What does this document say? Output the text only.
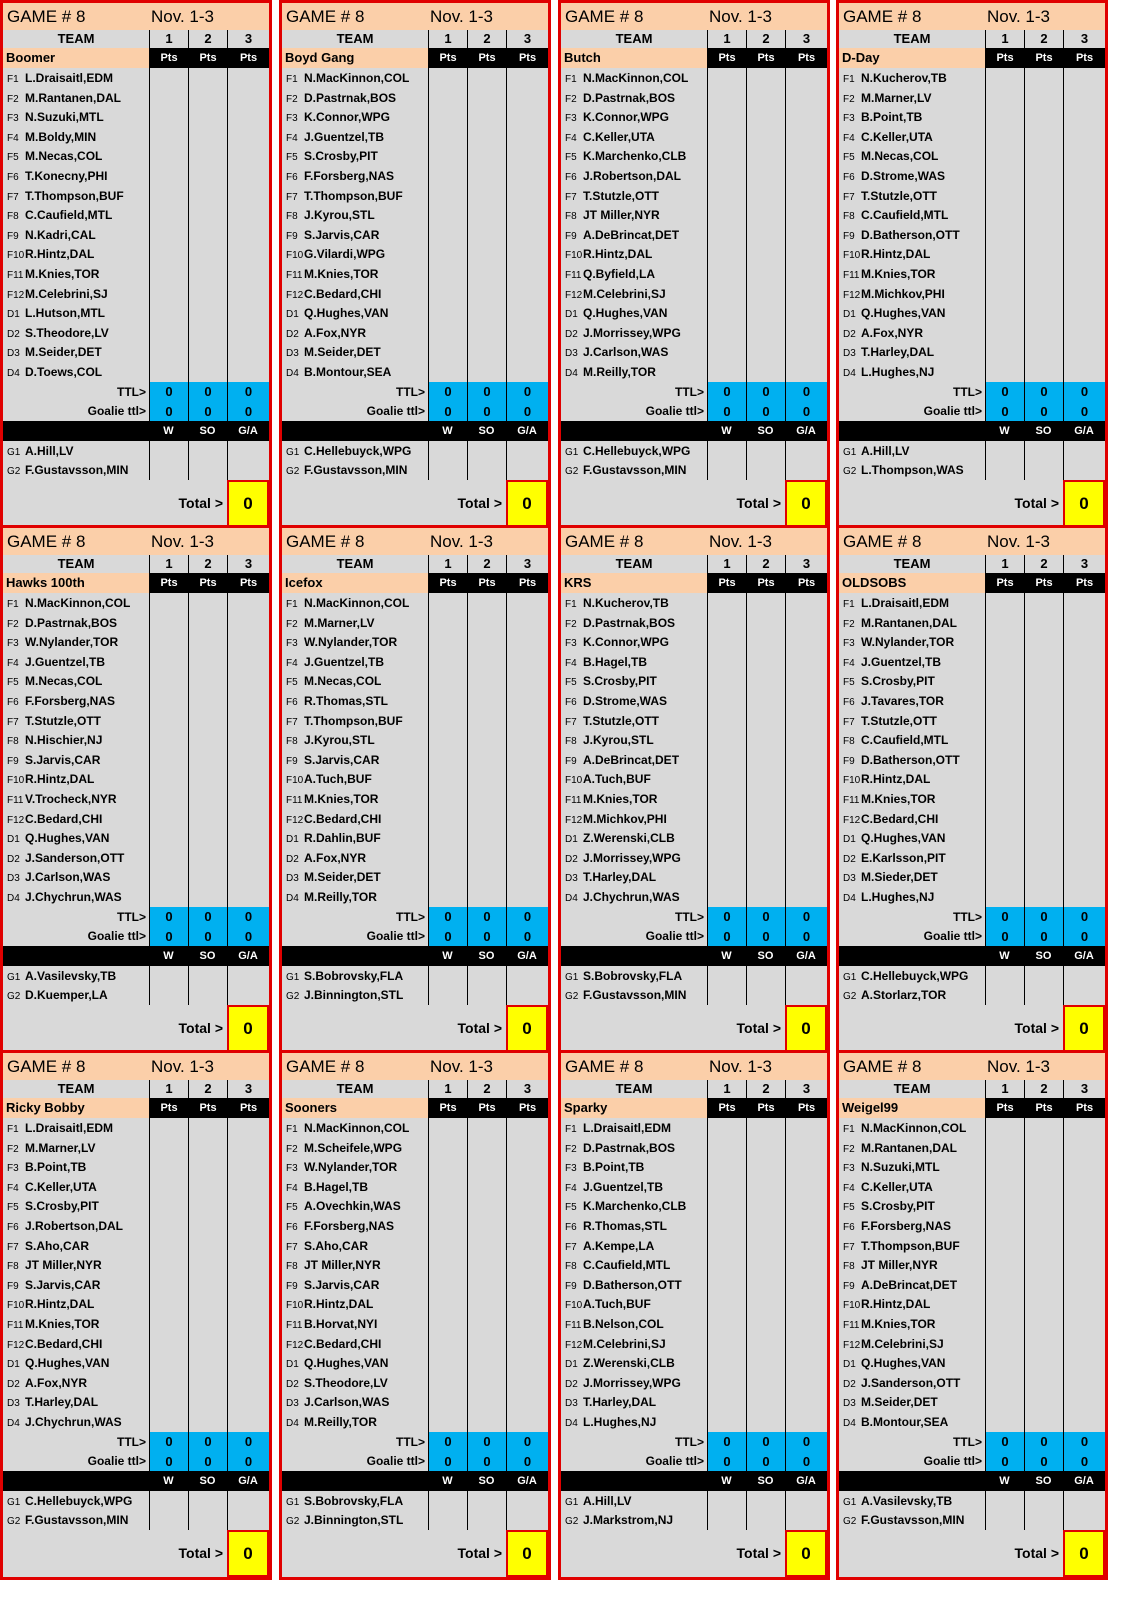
GAME # 8	Nov. 1-3
TEAM	1	2	3
Boomer	Pts	Pts	Pts
F1 L.Draisaitl,EDM
F2 M.Rantanen,DAL
F3 N.Suzuki,MTL
F4 M.Boldy,MIN
F5 M.Necas,COL
F6 T.Konecny,PHI
F7 T.Thompson,BUF
F8 C.Caufield,MTL
F9 N.Kadri,CAL
F10R.Hintz,DAL
F11 M.Knies,TOR
F12M.Celebrini,SJ
D1 L.Hutson,MTL
D2 S.Theodore,LV
D3 M.Seider,DET
D4 D.Toews,COL
TTL>	0	0	0
Goalie ttl>	0	0	0
W	SO	G/A
G1 A.Hill,LV
G2 F.Gustavsson,MIN
Total >	0
GAME # 8	Nov. 1-3
TEAM	1	2	3
Boyd Gang	Pts	Pts	Pts
F1 N.MacKinnon,COL
F2 D.Pastrnak,BOS
F3 K.Connor,WPG
F4 J.Guentzel,TB
F5 S.Crosby,PIT
F6 F.Forsberg,NAS
F7 T.Thompson,BUF
F8 J.Kyrou,STL
F9 S.Jarvis,CAR
F10G.Vilardi,WPG
F11 M.Knies,TOR
F12C.Bedard,CHI
D1 Q.Hughes,VAN
D2 A.Fox,NYR
D3 M.Seider,DET
D4 B.Montour,SEA
TTL>	0	0	0
Goalie ttl>	0	0	0
W	SO	G/A
G1 C.Hellebuyck,WPG
G2 F.Gustavsson,MIN
Total >	0
GAME # 8	Nov. 1-3
TEAM	1	2	3
Butch	Pts	Pts	Pts
F1 N.MacKinnon,COL
F2 D.Pastrnak,BOS
F3 K.Connor,WPG
F4 C.Keller,UTA
F5 K.Marchenko,CLB
F6 J.Robertson,DAL
F7 T.Stutzle,OTT
F8 JT Miller,NYR
F9 A.DeBrincat,DET
F10R.Hintz,DAL
F11 Q.Byfield,LA
F12M.Celebrini,SJ
D1 Q.Hughes,VAN
D2 J.Morrissey,WPG
D3 J.Carlson,WAS
D4 M.Reilly,TOR
TTL>	0	0	0
Goalie ttl>	0	0	0
W	SO	G/A
G1 C.Hellebuyck,WPG
G2 F.Gustavsson,MIN
Total >	0
GAME # 8	Nov. 1-3
TEAM	1	2	3
D-Day	Pts	Pts	Pts
F1 N.Kucherov,TB
F2 M.Marner,LV
F3 B.Point,TB
F4 C.Keller,UTA
F5 M.Necas,COL
F6 D.Strome,WAS
F7 T.Stutzle,OTT
F8 C.Caufield,MTL
F9 D.Batherson,OTT
F10R.Hintz,DAL
F11 M.Knies,TOR
F12M.Michkov,PHI
D1 Q.Hughes,VAN
D2 A.Fox,NYR
D3 T.Harley,DAL
D4 L.Hughes,NJ
TTL>	0	0	0
Goalie ttl>	0	0	0
W	SO	G/A
G1 A.Hill,LV
G2 L.Thompson,WAS
Total >	0
GAME # 8	Nov. 1-3
TEAM	1	2	3
Hawks 100th	Pts	Pts	Pts
F1 N.MacKinnon,COL
F2 D.Pastrnak,BOS
F3 W.Nylander,TOR
F4 J.Guentzel,TB
F5 M.Necas,COL
F6 F.Forsberg,NAS
F7 T.Stutzle,OTT
F8 N.Hischier,NJ
F9 S.Jarvis,CAR
F10R.Hintz,DAL
F11 V.Trocheck,NYR
F12C.Bedard,CHI
D1 Q.Hughes,VAN
D2 J.Sanderson,OTT
D3 J.Carlson,WAS
D4 J.Chychrun,WAS
TTL>	0	0	0
Goalie ttl>	0	0	0
W	SO	G/A
G1 A.Vasilevsky,TB
G2 D.Kuemper,LA
Total >	0
GAME # 8	Nov. 1-3
TEAM	1	2	3
Icefox	Pts	Pts	Pts
F1 N.MacKinnon,COL
F2 M.Marner,LV
F3 W.Nylander,TOR
F4 J.Guentzel,TB
F5 M.Necas,COL
F6 R.Thomas,STL
F7 T.Thompson,BUF
F8 J.Kyrou,STL
F9 S.Jarvis,CAR
F10A.Tuch,BUF
F11 M.Knies,TOR
F12C.Bedard,CHI
D1 R.Dahlin,BUF
D2 A.Fox,NYR
D3 M.Seider,DET
D4 M.Reilly,TOR
TTL>	0	0	0
Goalie ttl>	0	0	0
W	SO	G/A
G1 S.Bobrovsky,FLA
G2 J.Binnington,STL
Total >	0
GAME # 8	Nov. 1-3
TEAM	1	2	3
KRS	Pts	Pts	Pts
F1 N.Kucherov,TB
F2 D.Pastrnak,BOS
F3 K.Connor,WPG
F4 B.Hagel,TB
F5 S.Crosby,PIT
F6 D.Strome,WAS
F7 T.Stutzle,OTT
F8 J.Kyrou,STL
F9 A.DeBrincat,DET
F10A.Tuch,BUF
F11 M.Knies,TOR
F12M.Michkov,PHI
D1 Z.Werenski,CLB
D2 J.Morrissey,WPG
D3 T.Harley,DAL
D4 J.Chychrun,WAS
TTL>	0	0	0
Goalie ttl>	0	0	0
W	SO	G/A
G1 S.Bobrovsky,FLA
G2 F.Gustavsson,MIN
Total >	0
GAME # 8	Nov. 1-3
TEAM	1	2	3
OLDSOBS	Pts	Pts	Pts
F1 L.Draisaitl,EDM
F2 M.Rantanen,DAL
F3 W.Nylander,TOR
F4 J.Guentzel,TB
F5 S.Crosby,PIT
F6 J.Tavares,TOR
F7 T.Stutzle,OTT
F8 C.Caufield,MTL
F9 D.Batherson,OTT
F10R.Hintz,DAL
F11 M.Knies,TOR
F12C.Bedard,CHI
D1 Q.Hughes,VAN
D2 E.Karlsson,PIT
D3 M.Sieder,DET
D4 L.Hughes,NJ
TTL>	0	0	0
Goalie ttl>	0	0	0
W	SO	G/A
G1 C.Hellebuyck,WPG
G2 A.Storlarz,TOR
Total >	0
GAME # 8	Nov. 1-3
TEAM	1	2	3
Ricky Bobby	Pts	Pts	Pts
F1 L.Draisaitl,EDM
F2 M.Marner,LV
F3 B.Point,TB
F4 C.Keller,UTA
F5 S.Crosby,PIT
F6 J.Robertson,DAL
F7 S.Aho,CAR
F8 JT Miller,NYR
F9 S.Jarvis,CAR
F10R.Hintz,DAL
F11 M.Knies,TOR
F12C.Bedard,CHI
D1 Q.Hughes,VAN
D2 A.Fox,NYR
D3 T.Harley,DAL
D4 J.Chychrun,WAS
TTL>	0	0	0
Goalie ttl>	0	0	0
W	SO	G/A
G1 C.Hellebuyck,WPG
G2 F.Gustavsson,MIN
Total >	0
GAME # 8	Nov. 1-3
TEAM	1	2	3
Sooners	Pts	Pts	Pts
F1 N.MacKinnon,COL
F2 M.Scheifele,WPG
F3 W.Nylander,TOR
F4 B.Hagel,TB
F5 A.Ovechkin,WAS
F6 F.Forsberg,NAS
F7 S.Aho,CAR
F8 JT Miller,NYR
F9 S.Jarvis,CAR
F10R.Hintz,DAL
F11 B.Horvat,NYI
F12C.Bedard,CHI
D1 Q.Hughes,VAN
D2 S.Theodore,LV
D3 J.Carlson,WAS
D4 M.Reilly,TOR
TTL>	0	0	0
Goalie ttl>	0	0	0
W	SO	G/A
G1 S.Bobrovsky,FLA
G2 J.Binnington,STL
Total >	0
GAME # 8	Nov. 1-3
TEAM	1	2	3
Sparky	Pts	Pts	Pts
F1 L.Draisaitl,EDM
F2 D.Pastrnak,BOS
F3 B.Point,TB
F4 J.Guentzel,TB
F5 K.Marchenko,CLB
F6 R.Thomas,STL
F7 A.Kempe,LA
F8 C.Caufield,MTL
F9 D.Batherson,OTT
F10A.Tuch,BUF
F11 B.Nelson,COL
F12M.Celebrini,SJ
D1 Z.Werenski,CLB
D2 J.Morrissey,WPG
D3 T.Harley,DAL
D4 L.Hughes,NJ
TTL>	0	0	0
Goalie ttl>	0	0	0
W	SO	G/A
G1 A.Hill,LV
G2 J.Markstrom,NJ
Total >	0
GAME # 8	Nov. 1-3
TEAM	1	2	3
Weigel99	Pts	Pts	Pts
F1 N.MacKinnon,COL
F2 M.Rantanen,DAL
F3 N.Suzuki,MTL
F4 C.Keller,UTA
F5 S.Crosby,PIT
F6 F.Forsberg,NAS
F7 T.Thompson,BUF
F8 JT Miller,NYR
F9 A.DeBrincat,DET
F10R.Hintz,DAL
F11 M.Knies,TOR
F12M.Celebrini,SJ
D1 Q.Hughes,VAN
D2 J.Sanderson,OTT
D3 M.Seider,DET
D4 B.Montour,SEA
TTL>	0	0	0
Goalie ttl>	0	0	0
W	SO	G/A
G1 A.Vasilevsky,TB
G2 F.Gustavsson,MIN
Total >	0
